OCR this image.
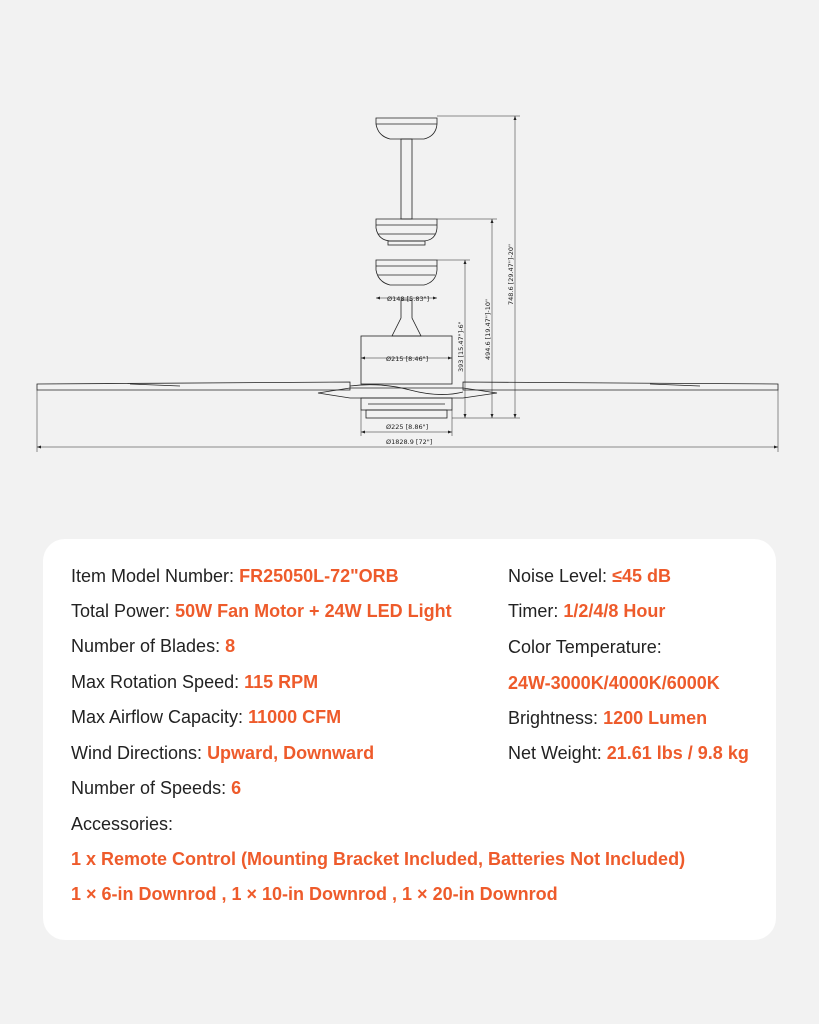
Ø148 [5.83"]
Ø215 [8.46"]
Ø225 [8.86"]
Ø1828.9 [72"]
393 [15.47"]-6"	494.6 [19.47"]-10"
748.6 [29.47"]-20"
Item Model Number: FR25050L-72"ORB
Total Power: 50W Fan Motor + 24W LED Light
Number of Blades: 8
Max Rotation Speed: 115 RPM
Max Airflow Capacity: 11000 CFM
Wind Directions: Upward, Downward
Number of Speeds: 6
Accessories:
1 x Remote Control (Mounting Bracket Included, Batteries Not Included)
1 × 6-in Downrod , 1 × 10-in Downrod , 1 × 20-in Downrod
Noise Level: ≤45 dB
Timer: 1/2/4/8 Hour
Color Temperature:
24W-3000K/4000K/6000K
Brightness: 1200 Lumen
Net Weight: 21.61 lbs / 9.8 kg
